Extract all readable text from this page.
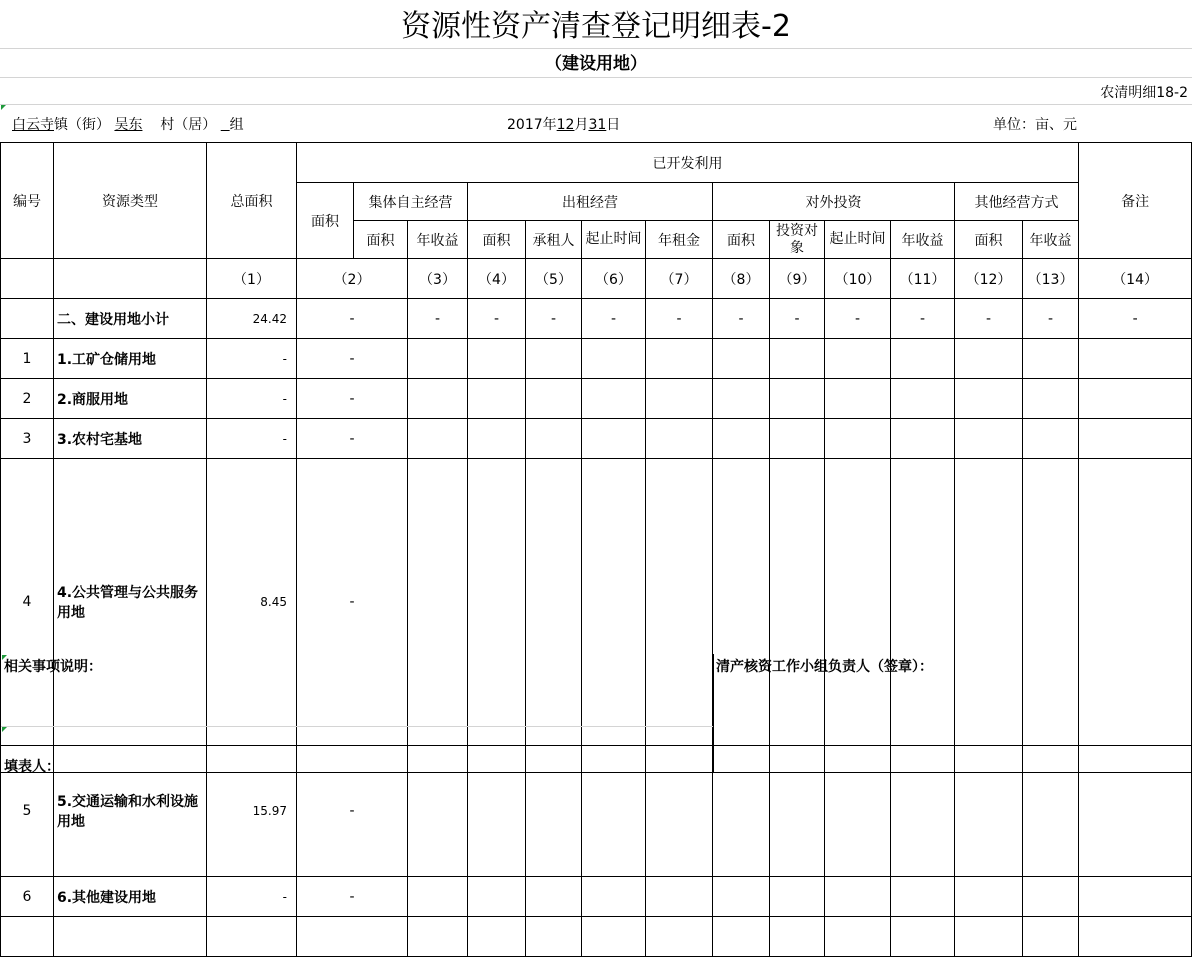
资源性资产清查登记明细表-2
（建设用地）
农清明细18-2
白云寺镇（街） 吴东 村（居） 组	2017年12月31日	单位：亩、元
编号	资源类型	总面积	已开发利用													备注	
			面积	集体自主经营		出租经营				对外投资				其他经营方式			
				面积	年收益	面积	承租人	起止时间	年租金	面积	投资对象	起止时间	年收益	面积	年收益		
		（1）	（2）		（3）	（4）	（5）	（6）	（7）	（8）	（9）	（10）	（11）	（12）	（13）	（14）	
	二、建设用地小计	24.42	-		-	-	-	-	-	-	-	-	-	-	-	-	
1	1.工矿仓储用地	-	-														
2	2.商服用地	-	-														
3	3.农村宅基地	-	-														
4	4.公共管理与公共服务用地	8.45	-													
5	5.交通运输和水利设施用地	15.97	-													
6	6.其他建设用地	-	-														

相关事项说明：
填表人：
清产核资工作小组负责人（签章）：
